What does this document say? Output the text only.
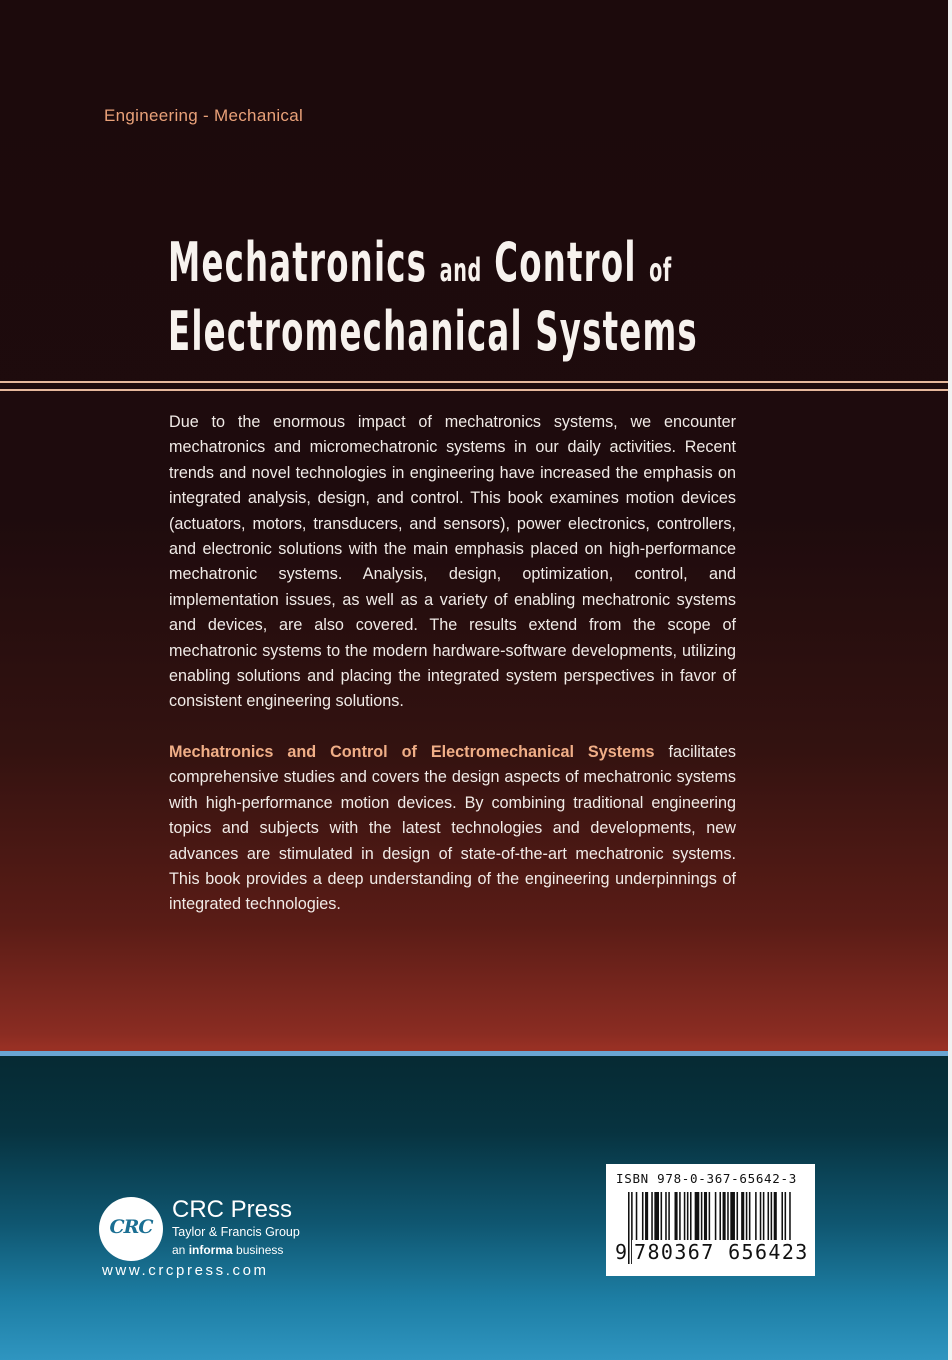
Engineering - Mechanical
Mechatronics and Control of
Electromechanical Systems

Due to the enormous impact of mechatronics systems, we encounter mechatronics and micromechatronic systems in our daily activities. Recent trends and novel technologies in engineering have increased the emphasis on integrated analysis, design, and control. This book examines motion devices (actuators, motors, transducers, and sensors), power electronics, controllers, and electronic solutions with the main emphasis placed on high-performance mechatronic systems. Analysis, design, optimization, control, and implementation issues, as well as a variety of enabling mechatronic systems and devices, are also covered. The results extend from the scope of mechatronic systems to the modern hardware-software developments, utilizing enabling solutions and placing the integrated system perspectives in favor of consistent engineering solutions.

Mechatronics and Control of Electromechanical Systems facilitates comprehensive studies and covers the design aspects of mechatronic systems with high-performance motion devices. By combining traditional engineering topics and subjects with the latest technologies and developments, new advances are stimulated in design of state-of-the-art mechatronic systems. This book provides a deep understanding of the engineering underpinnings of integrated technologies.

CRC
CRC Press
Taylor & Francis Group
an informa business
www.crcpress.com
ISBN 978-0-367-65642-3
9 780367 656423
